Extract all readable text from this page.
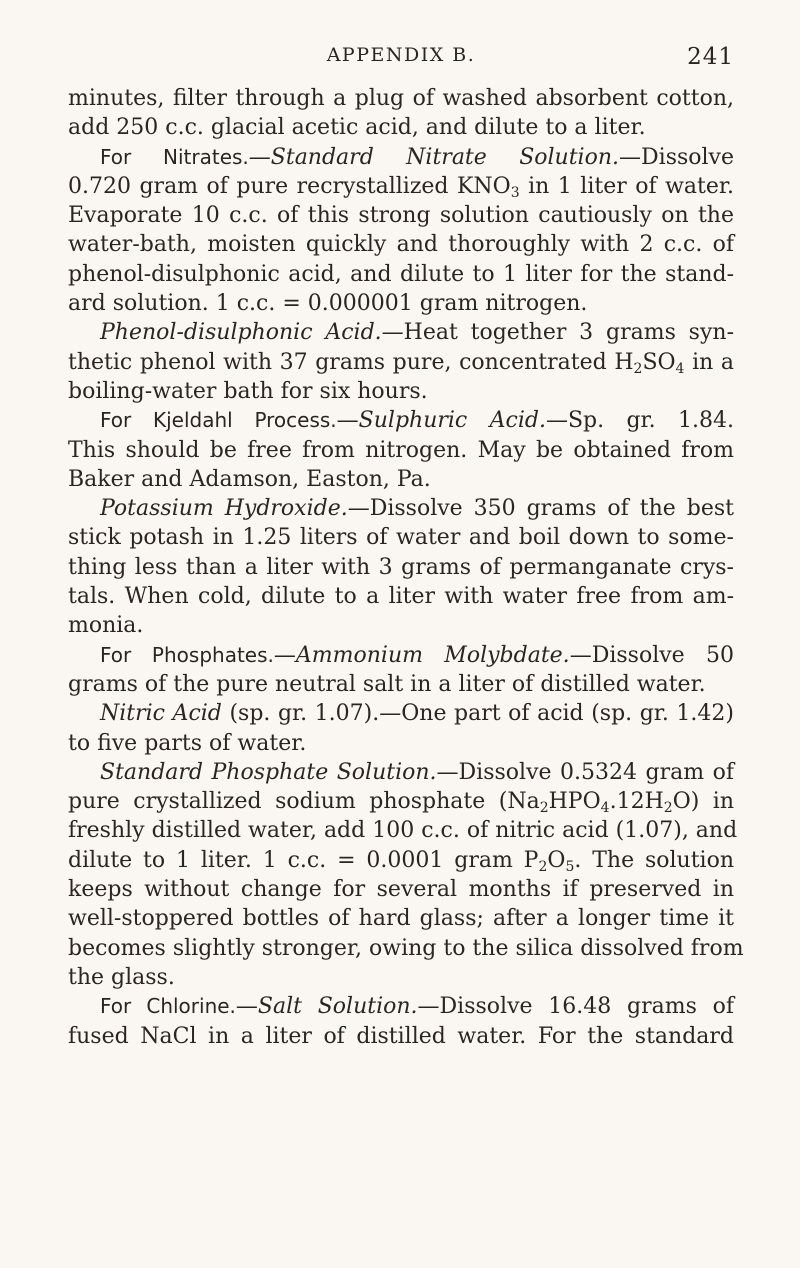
APPENDIX B.	241
minutes, filter through a plug of washed absorbent cotton,
add 250 c.c. glacial acetic acid, and dilute to a liter.
For Nitrates.—Standard Nitrate Solution.—Dissolve
0.720 gram of pure recrystallized $KNO_3$ in 1 liter of water.
Evaporate 10 c.c. of this strong solution cautiously on the
water-bath, moisten quickly and thoroughly with 2 c.c. of
phenol-disulphonic acid, and dilute to 1 liter for the stand-
ard solution. 1 c.c. = 0.000001 gram nitrogen.
Phenol-disulphonic Acid.—Heat together 3 grams syn-
thetic phenol with 37 grams pure, concentrated $H_2SO_4$ in a
boiling-water bath for six hours.
For Kjeldahl Process.—Sulphuric Acid.—Sp. gr. 1.84.
This should be free from nitrogen. May be obtained from
Baker and Adamson, Easton, Pa.
Potassium Hydroxide.—Dissolve 350 grams of the best
stick potash in 1.25 liters of water and boil down to some-
thing less than a liter with 3 grams of permanganate crys-
tals. When cold, dilute to a liter with water free from am-
monia.
For Phosphates.—Ammonium Molybdate.—Dissolve 50
grams of the pure neutral salt in a liter of distilled water.
Nitric Acid (sp. gr. 1.07).—One part of acid (sp. gr. 1.42)
to five parts of water.
Standard Phosphate Solution.—Dissolve 0.5324 gram of
pure crystallized sodium phosphate $(Na_2HPO_4.12H_2O)$ in
freshly distilled water, add 100 c.c. of nitric acid (1.07), and
dilute to 1 liter. 1 c.c. = 0.0001 gram $P_2O_5$. The solution
keeps without change for several months if preserved in
well-stoppered bottles of hard glass; after a longer time it
becomes slightly stronger, owing to the silica dissolved from
the glass.
For Chlorine.—Salt Solution.—Dissolve 16.48 grams of
fused NaCl in a liter of distilled water. For the standard
